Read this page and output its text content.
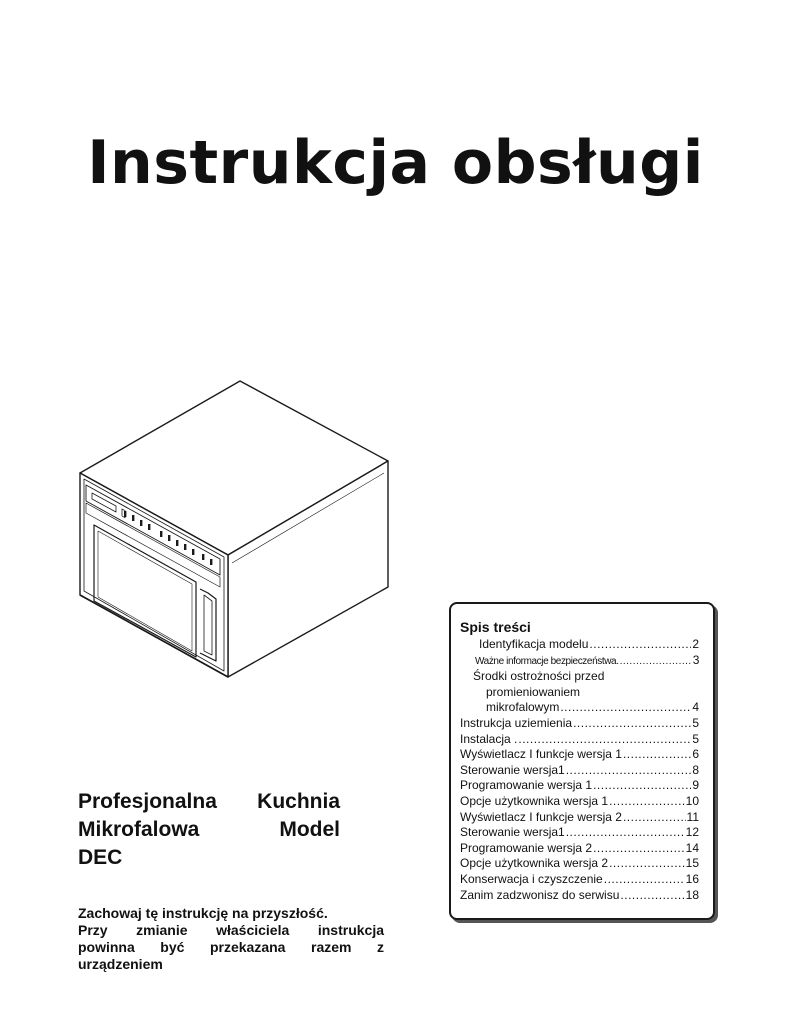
Instrukcja obsługi
Profesjonalna Kuchnia
Mikrofalowa Model
DEC
Zachowaj tę instrukcję na przyszłość.
Przy zmianie właściciela instrukcja
powinna być przekazana razem z
urządzeniem
Spis treści
Identyfikacja modelu .....	2
Ważne informacje bezpieczeństwa. .....	3
Środki ostrożności przed
promieniowaniem
mikrofalowym .....	4
Instrukcja uziemienia .....	5
Instalacja . .....	5
Wyświetlacz I funkcje wersja 1 .....	6
Sterowanie wersja1 .....	8
Programowanie wersja 1 .....	9
Opcje użytkownika wersja 1 .....	10
Wyświetlacz I funkcje wersja 2 .....	11
Sterowanie wersja1 .....	12
Programowanie wersja 2 .....	14
Opcje użytkownika wersja 2 .....	15
Konserwacja i czyszczenie .....	16
Zanim zadzwonisz do serwisu .....	18
